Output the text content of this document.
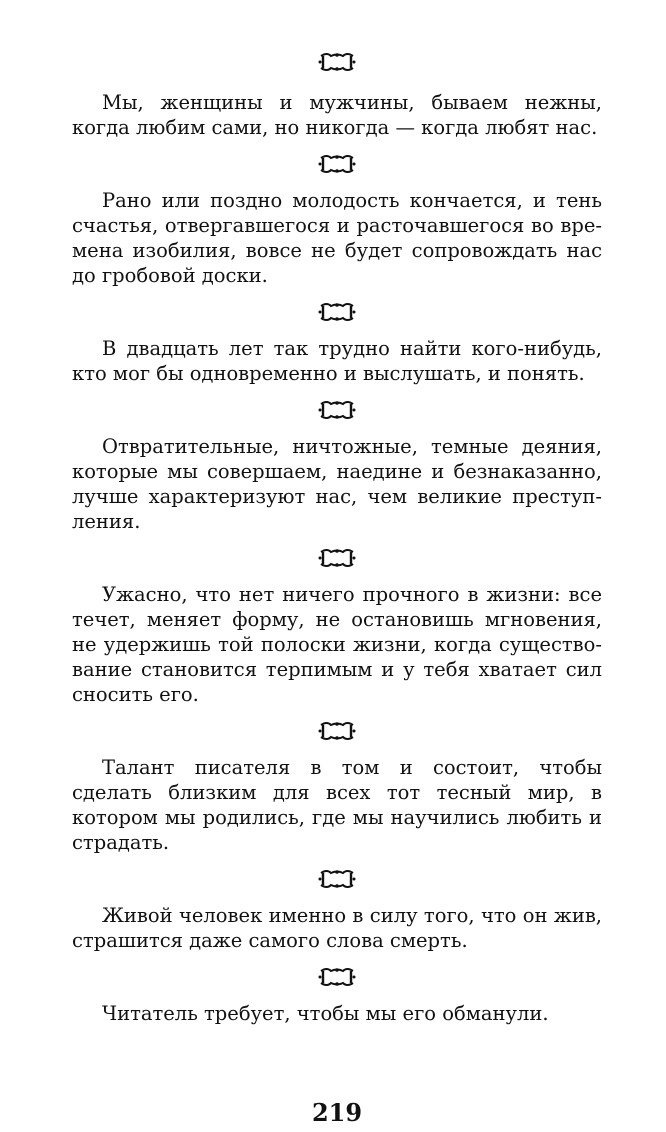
Мы, женщины и мужчины, бываем нежны, когда любим сами, но никогда — когда любят нас.

Рано или поздно молодость кончается, и тень счастья, отвергавшегося и расточавшегося во времена изобилия, вовсе не будет сопровождать нас до гробовой доски.

В двадцать лет так трудно найти кого-нибудь, кто мог бы одновременно и выслушать, и понять.

Отвратительные, ничтожные, темные деяния, которые мы совершаем, наедине и безнаказанно, лучше характеризуют нас, чем великие преступления.

Ужасно, что нет ничего прочного в жизни: все течет, меняет форму, не остановишь мгновения, не удержишь той полоски жизни, когда существование становится терпимым и у тебя хватает сил сносить его.

Талант писателя в том и состоит, чтобы сделать близким для всех тот тесный мир, в котором мы родились, где мы научились любить и страдать.

Живой человек именно в силу того, что он жив, страшится даже самого слова смерть.

Читатель требует, чтобы мы его обманули.

219
